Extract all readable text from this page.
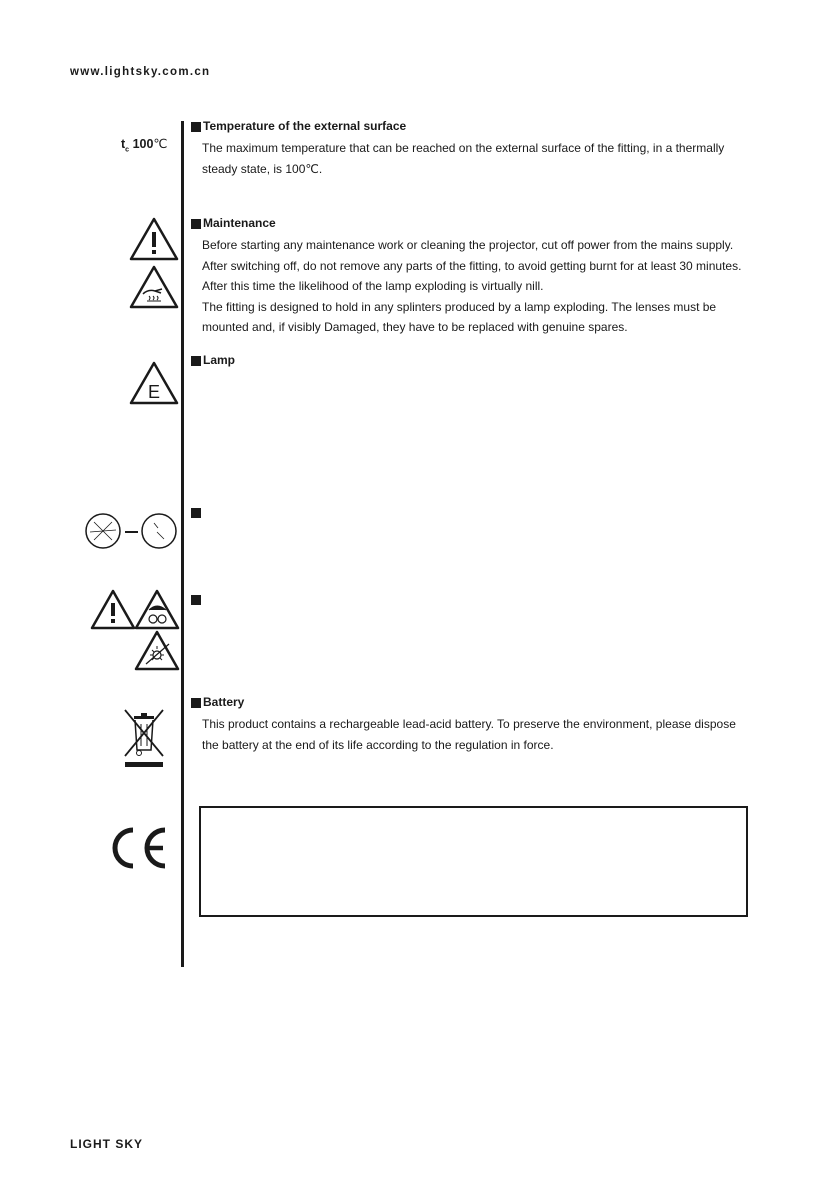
www.lightsky.com.cn
LIGHT SKY
$t_c$ 100℃
Temperature of the external surface

The maximum temperature that can be reached on the external surface of the fitting, in a thermally

steady state, is 100℃.

Maintenance

Before starting any maintenance work or cleaning the projector, cut off power from the mains supply.

After switching off, do not remove any parts of the fitting, to avoid getting burnt for at least 30 minutes.

After this time the likelihood of the lamp exploding is virtually nill.

The fitting is designed to hold in any splinters produced by a lamp exploding. The lenses must be

mounted and, if visibly Damaged, they have to be replaced with genuine spares.

E
Lamp
Battery

This product contains a rechargeable lead-acid battery. To preserve the environment, please dispose

the battery at the end of its life according to the regulation in force.
